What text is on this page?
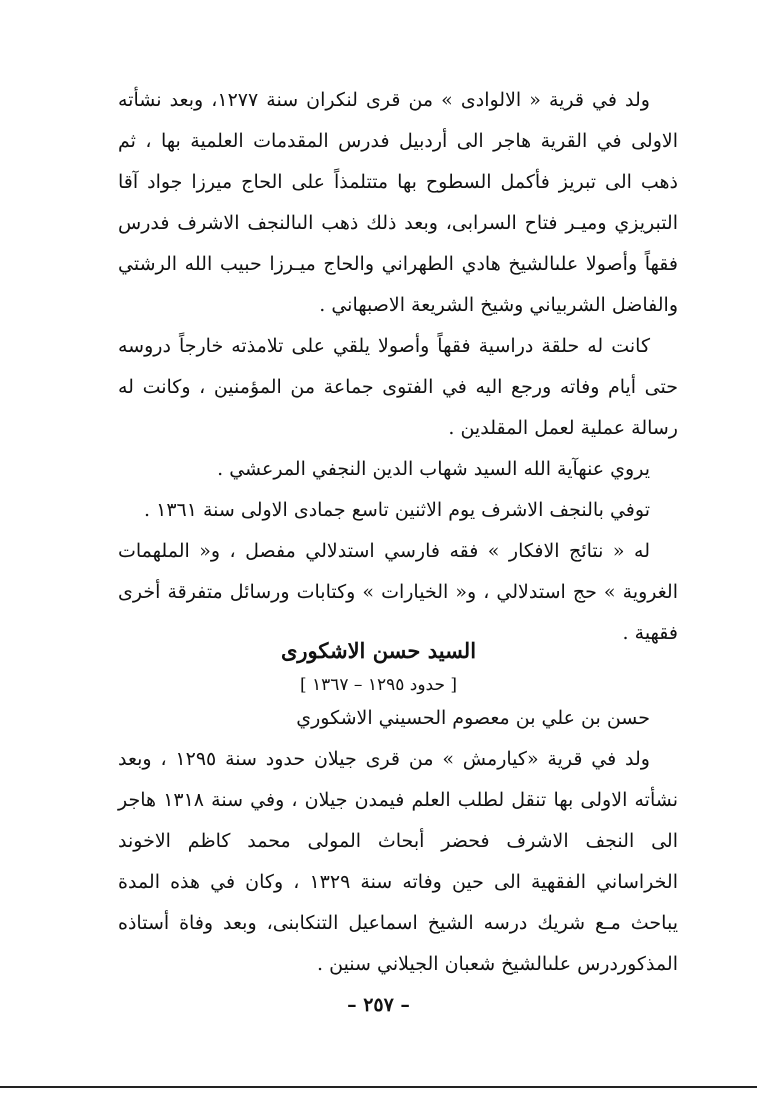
ولد في قرية « الالوادى » من قرى لنكران سنة ١٢٧٧، وبعد نشأته الاولى في القرية هاجر الى أردبيل فدرس المقدمات العلمية بها ، ثم ذهب الى تبريز فأكمل السطوح بها متتلمذاً على الحاج ميرزا جواد آقا التبريزي وميـر فتاح السرابى، وبعد ذلك ذهب الىالنجف الاشرف فدرس فقهاً وأصولا علىالشيخ هادي الطهراني والحاج ميـرزا حبيب الله الرشتي والفاضل الشربياني وشيخ الشريعة الاصبهاني .

كانت له حلقة دراسية فقهاً وأصولا يلقي على تلامذته خارجاً دروسه حتى أيام وفاته ورجع اليه في الفتوى جماعة من المؤمنين ، وكانت له رسالة عملية لعمل المقلدين .

يروي عنهآية الله السيد شهاب الدين النجفي المرعشي .

توفي بالنجف الاشرف يوم الاثنين تاسع جمادى الاولى سنة ١٣٦١ .

له « نتائج الافكار » فقه فارسي استدلالي مفصل ، و« الملهمات الغروية » حج استدلالي ، و« الخيارات » وكتابات ورسائل متفرقة أخرى فقهية .

السيد حسن الاشكورى
[ حدود ١٢٩٥ – ١٣٦٧ ]
حسن بن علي بن معصوم الحسيني الاشكوري

ولد في قرية «كيارمش » من قرى جيلان حدود سنة ١٢٩٥ ، وبعد نشأته الاولى بها تنقل لطلب العلم فيمدن جيلان ، وفي سنة ١٣١٨ هاجر الى النجف الاشرف فحضر أبحاث المولى محمد كاظم الاخوند الخراساني الفقهية الى حين وفاته سنة ١٣٢٩ ، وكان في هذه المدة يباحث مـع شريك درسه الشيخ اسماعيل التنكابنى، وبعد وفاة أستاذه المذكوردرس علىالشيخ شعبان الجيلاني سنين .

– ٢٥٧ –
